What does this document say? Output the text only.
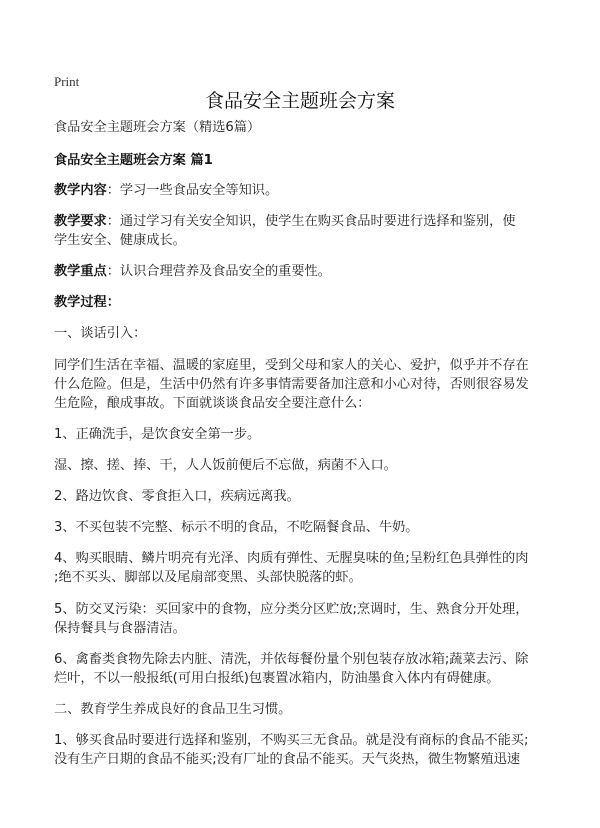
Print
食品安全主题班会方案
食品安全主题班会方案（精选6篇）
食品安全主题班会方案 篇1
教学内容：学习一些食品安全等知识。
教学要求：通过学习有关安全知识，使学生在购买食品时要进行选择和鉴别，使
学生安全、健康成长。
教学重点：认识合理营养及食品安全的重要性。
教学过程：
一、谈话引入：
同学们生活在幸福、温暖的家庭里，受到父母和家人的关心、爱护，似乎并不存在
什么危险。但是，生活中仍然有许多事情需要备加注意和小心对待，否则很容易发
生危险，酿成事故。下面就谈谈食品安全要注意什么：
1、正确洗手，是饮食安全第一步。
湿、擦、搓、捧、干，人人饭前便后不忘做，病菌不入口。
2、路边饮食、零食拒入口，疾病远离我。
3、不买包装不完整、标示不明的食品，不吃隔餐食品、牛奶。
4、购买眼睛、鳞片明亮有光泽、肉质有弹性、无腥臭味的鱼;呈粉红色具弹性的肉
;绝不买头、脚部以及尾扇部变黑、头部快脱落的虾。
5、防交叉污染：买回家中的食物，应分类分区贮放;烹调时，生、熟食分开处理，
保持餐具与食器清洁。
6、禽畜类食物先除去内脏、清洗，并依每餐份量个别包装存放冰箱;蔬菜去污、除
烂叶，不以一般报纸(可用白报纸)包裹置冰箱内，防油墨食入体内有碍健康。
二、教育学生养成良好的食品卫生习惯。
1、够买食品时要进行选择和鉴别，不购买三无食品。就是没有商标的食品不能买;
没有生产日期的食品不能买;没有厂址的食品不能买。天气炎热，微生物繁殖迅速
